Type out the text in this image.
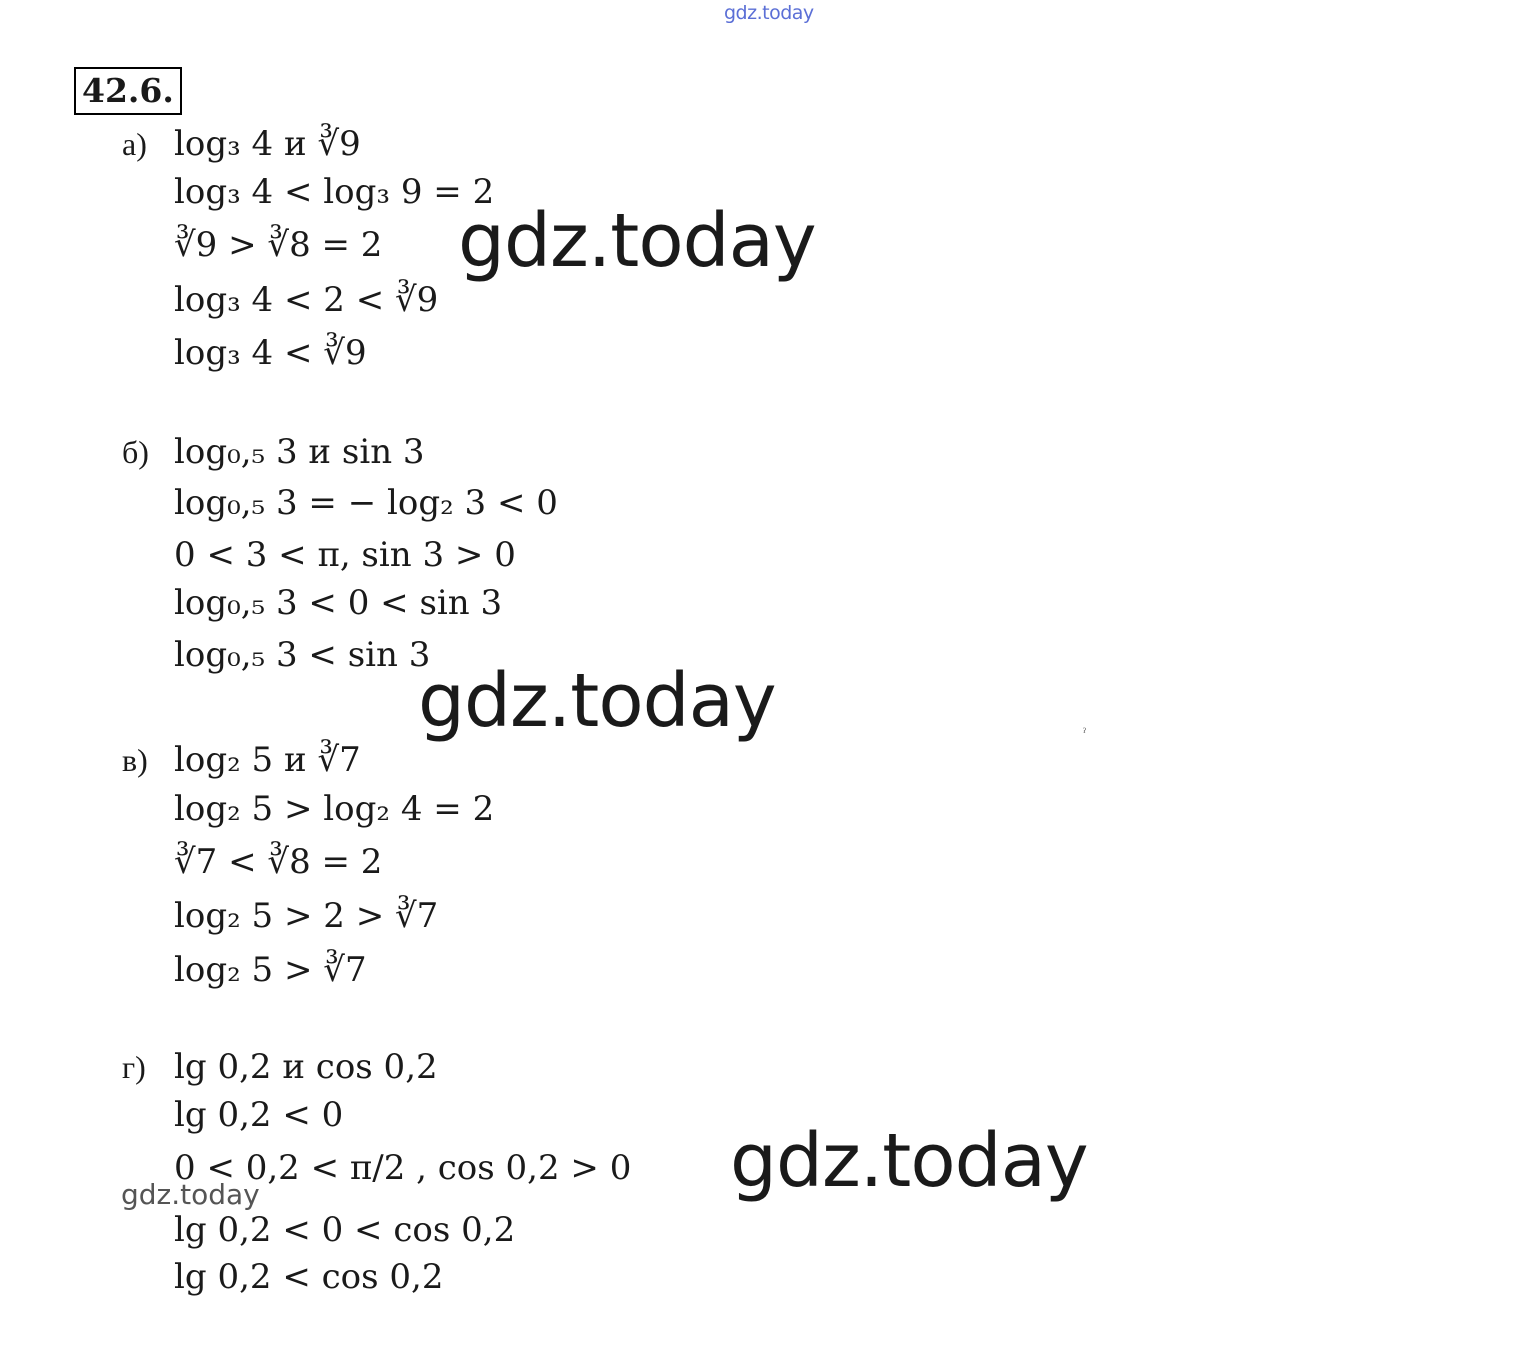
gdz.today
42.6.
а) log₃ 4 и ∛9
log₃ 4 < log₃ 9 = 2
∛9 > ∛8 = 2
log₃ 4 < 2 < ∛9
log₃ 4 < ∛9
б) log₀,₅ 3 и sin 3
log₀,₅ 3 = − log₂ 3 < 0
0 < 3 < π, sin 3 > 0
log₀,₅ 3 < 0 < sin 3
log₀,₅ 3 < sin 3
в) log₂ 5 и ∛7
log₂ 5 > log₂ 4 = 2
∛7 < ∛8 = 2
log₂ 5 > 2 > ∛7
log₂ 5 > ∛7
г) lg 0,2 и cos 0,2
lg 0,2 < 0
0 < 0,2 < π/2 , cos 0,2 > 0
lg 0,2 < 0 < cos 0,2
lg 0,2 < cos 0,2
gdz.today
gdz.today
gdz.today
gdz.today
ˀ
